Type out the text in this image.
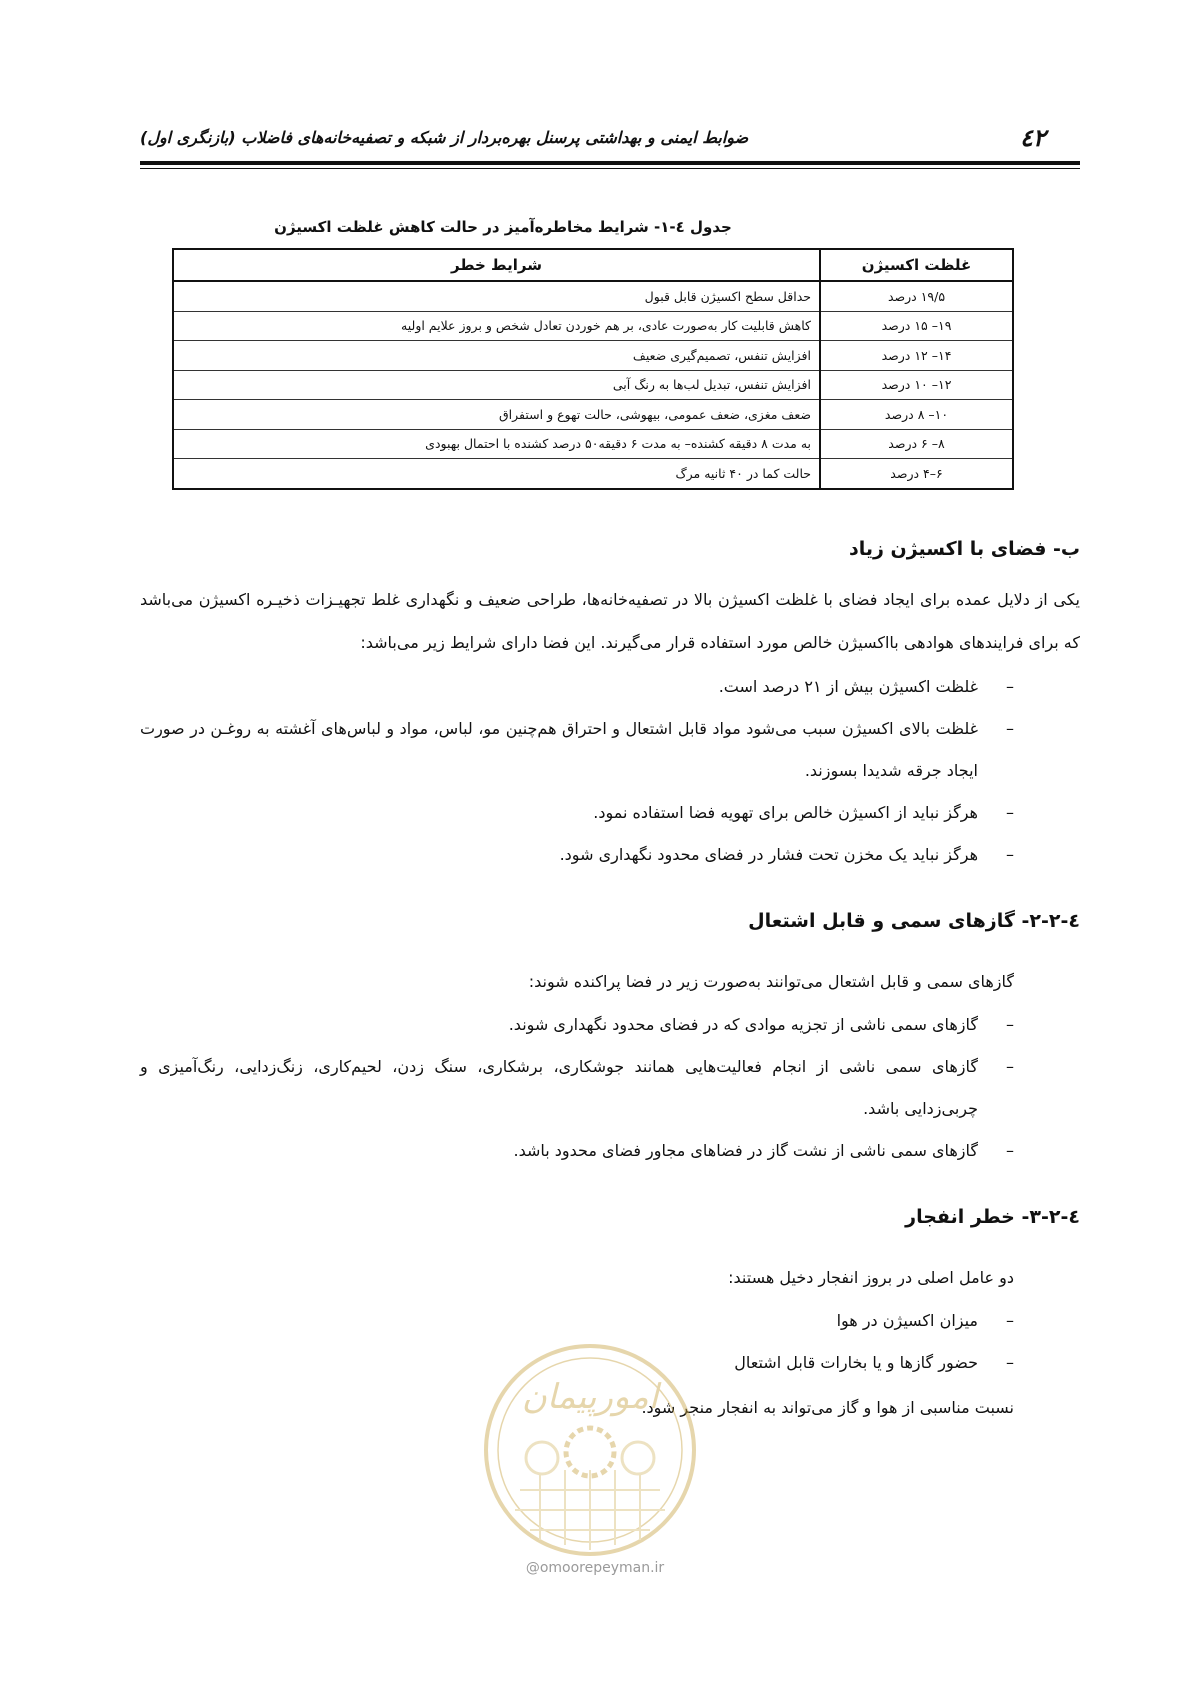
٤٢
ضوابط ایمنی و بهداشتی پرسنل بهره‌بردار از شبکه و تصفیه‌خانه‌های فاضلاب (بازنگری اول)
جدول ٤-١- شرایط مخاطره‌آمیز در حالت کاهش غلظت اکسیژن
غلظت اکسیژن	شرایط خطر
۱۹/۵ درصد	حداقل سطح اکسیژن قابل قبول
۱۹– ۱۵ درصد	کاهش قابلیت کار به‌صورت عادی، بر هم خوردن تعادل شخص و بروز علایم اولیه
۱۴– ۱۲ درصد	افزایش تنفس، تصمیم‌گیری ضعیف
۱۲– ۱۰ درصد	افزایش تنفس، تبدیل لب‌ها به رنگ آبی
۱۰– ۸ درصد	ضعف مغزی، ضعف عمومی، بیهوشی، حالت تهوع و استفراق
۸– ۶ درصد	به مدت ۸ دقیقه کشنده– به مدت ۶ دقیقه۵۰ درصد کشنده با احتمال بهبودی
۶–۴ درصد	حالت کما در ۴۰ ثانیه مرگ
ب- فضای با اکسیژن زیاد
یکی از دلایل عمده برای ایجاد فضای با غلظت اکسیژن بالا در تصفیه‌خانه‌ها، طراحی ضعیف و نگهداری غلط تجهیـزات ذخیـره اکسیژن می‌باشد که برای فرایندهای هوادهی بااکسیژن خالص مورد استفاده قرار می‌گیرند. این فضا دارای شرایط زیر می‌باشد:
–
غلظت اکسیژن بیش از ۲۱ درصد است.
–
غلظت بالای اکسیژن سبب می‌شود مواد قابل اشتعال و احتراق هم‌چنین مو، لباس، مواد و لباس‌های آغشته به روغـن در صورت ایجاد جرقه شدیدا بسوزند.
–
هرگز نباید از اکسیژن خالص برای تهویه فضا استفاده نمود.
–
هرگز نباید یک مخزن تحت فشار در فضای محدود نگهداری شود.
٤-٢-٢- گازهای سمی و قابل اشتعال
گازهای سمی و قابل اشتعال می‌توانند به‌صورت زیر در فضا پراکنده شوند:
–
گازهای سمی ناشی از تجزیه موادی که در فضای محدود نگهداری شوند.
–
گازهای سمی ناشی از انجام فعالیت‌هایی همانند جوشکاری، برشکاری، سنگ زدن، لحیم‌کاری، زنگ‌زدایی، رنگ‌آمیزی و چربی‌زدایی باشد.
–
گازهای سمی ناشی از نشت گاز در فضاهای مجاور فضای محدود باشد.
٤-٢-٣- خطر انفجار
دو عامل اصلی در بروز انفجار دخیل هستند:
–
میزان اکسیژن در هوا
–
حضور گازها و یا بخارات قابل اشتعال
نسبت مناسبی از هوا و گاز می‌تواند به انفجار منجر شود.
امورپیمان
@omoorepeyman.ir
